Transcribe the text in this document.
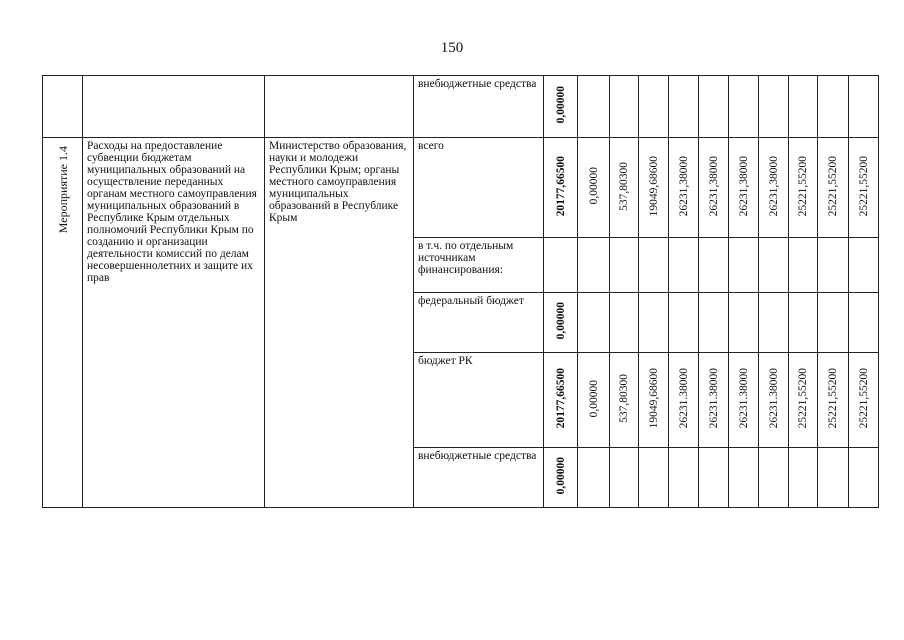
150
			внебюджетные средства	0,00000										
Мероприятие 1.4	Расходы на предоставление субвенции бюджетам муниципальных образований на осуществление переданных органам местного самоуправления муниципальных образований в Республике Крым отдельных полномочий Республики Крым по созданию и организации деятельности комиссий по делам несовершеннолетних и защите их прав	Министерство образования, науки и молодежи Республики Крым; органы местного самоуправления муниципальных образований в Республике Крым	всего	20177,66500	0,00000	537,80300	19049,68600	26231,38000	26231,38000	26231,38000	26231,38000	25221,55200	25221,55200	25221,55200
			в т.ч. по отдельным источникам финансирования:											
			федеральный бюджет	0,00000										
			бюджет РК	20177,66500	0,00000	537,80300	19049,68600	26231.38000	26231.38000	26231.38000	26231.38000	25221,55200	25221,55200	25221,55200
			внебюджетные средства	0,00000										
